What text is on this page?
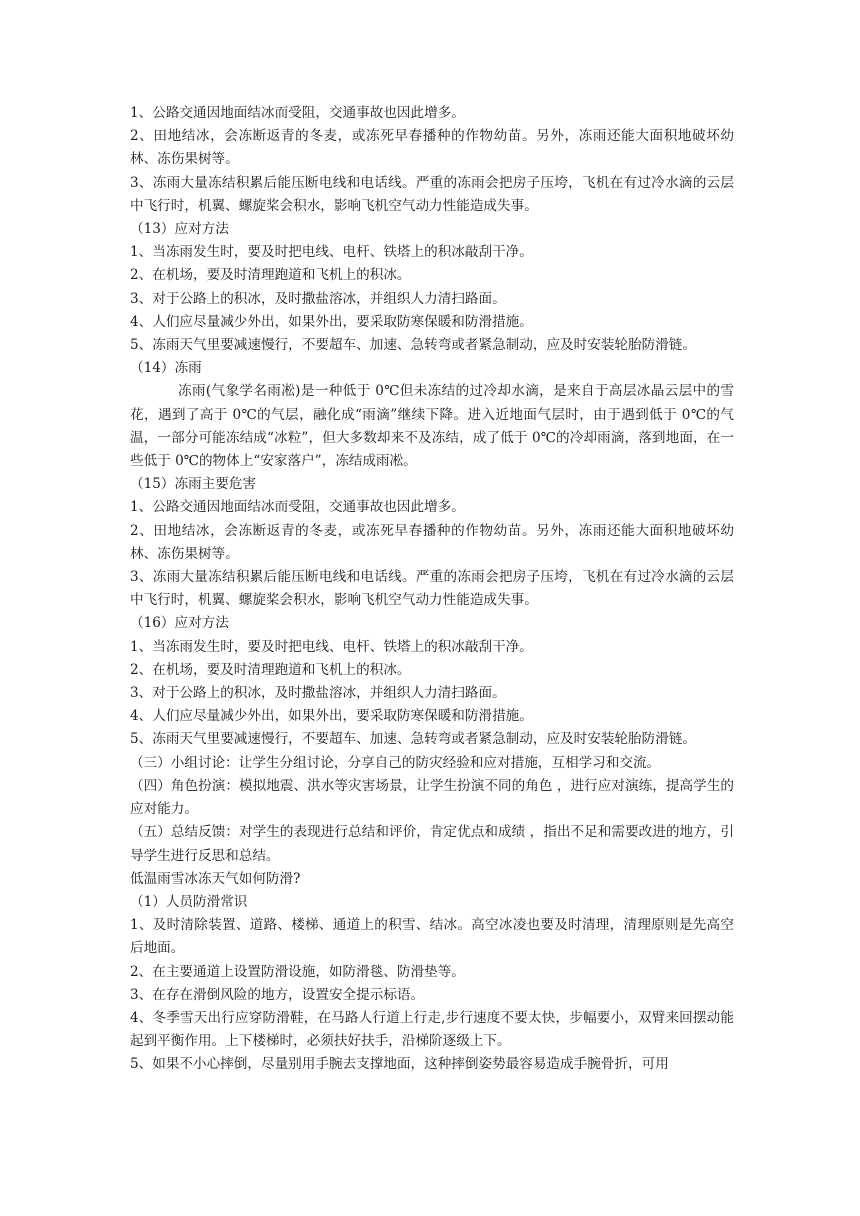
1、公路交通因地面结冰而受阻，交通事故也因此增多。

2、田地结冰，会冻断返青的冬麦，或冻死早春播种的作物幼苗。另外，冻雨还能大面积地破坏幼林、冻伤果树等。

3、冻雨大量冻结积累后能压断电线和电话线。严重的冻雨会把房子压垮，飞机在有过冷水滴的云层中飞行时，机翼、螺旋桨会积水，影响飞机空气动力性能造成失事。

（13）应对方法

1、当冻雨发生时，要及时把电线、电杆、铁塔上的积冰敲刮干净。

2、在机场，要及时清理跑道和飞机上的积冰。

3、对于公路上的积冰，及时撒盐溶冰，并组织人力清扫路面。

4、人们应尽量减少外出，如果外出，要采取防寒保暖和防滑措施。

5、冻雨天气里要减速慢行，不要超车、加速、急转弯或者紧急制动，应及时安装轮胎防滑链。

（14）冻雨

冻雨(气象学名雨凇)是一种低于 0℃但未冻结的过冷却水滴，是来自于高层冰晶云层中的雪花，遇到了高于 0℃的气层，融化成“雨滴”继续下降。进入近地面气层时，由于遇到低于 0℃的气温，一部分可能冻结成“冰粒”，但大多数却来不及冻结，成了低于 0℃的冷却雨滴，落到地面，在一些低于 0℃的物体上“安家落户”，冻结成雨凇。

（15）冻雨主要危害

1、公路交通因地面结冰而受阻，交通事故也因此增多。

2、田地结冰，会冻断返青的冬麦，或冻死早春播种的作物幼苗。另外，冻雨还能大面积地破坏幼林、冻伤果树等。

3、冻雨大量冻结积累后能压断电线和电话线。严重的冻雨会把房子压垮，飞机在有过冷水滴的云层中飞行时，机翼、螺旋桨会积水，影响飞机空气动力性能造成失事。

（16）应对方法

1、当冻雨发生时，要及时把电线、电杆、铁塔上的积冰敲刮干净。

2、在机场，要及时清理跑道和飞机上的积冰。

3、对于公路上的积冰，及时撒盐溶冰，并组织人力清扫路面。

4、人们应尽量减少外出，如果外出，要采取防寒保暖和防滑措施。

5、冻雨天气里要减速慢行，不要超车、加速、急转弯或者紧急制动，应及时安装轮胎防滑链。

（三）小组讨论：让学生分组讨论，分享自己的防灾经验和应对措施，互相学习和交流。

（四）角色扮演：模拟地震、洪水等灾害场景，让学生扮演不同的角色 ，进行应对演练，提高学生的应对能力。

（五）总结反馈：对学生的表现进行总结和评价，肯定优点和成绩 ，指出不足和需要改进的地方，引导学生进行反思和总结。

低温雨雪冰冻天气如何防滑?

（1）人员防滑常识

1、及时清除装置、道路、楼梯、通道上的积雪、结冰。高空冰凌也要及时清理，清理原则是先高空后地面。

2、在主要通道上设置防滑设施，如防滑毯、防滑垫等。

3、在存在滑倒风险的地方，设置安全提示标语。

4、冬季雪天出行应穿防滑鞋，在马路人行道上行走,步行速度不要太快，步幅要小，双臂来回摆动能起到平衡作用。上下楼梯时，必须扶好扶手，沿梯阶逐级上下。

5、如果不小心摔倒，尽量别用手腕去支撑地面，这种摔倒姿势最容易造成手腕骨折，可用
